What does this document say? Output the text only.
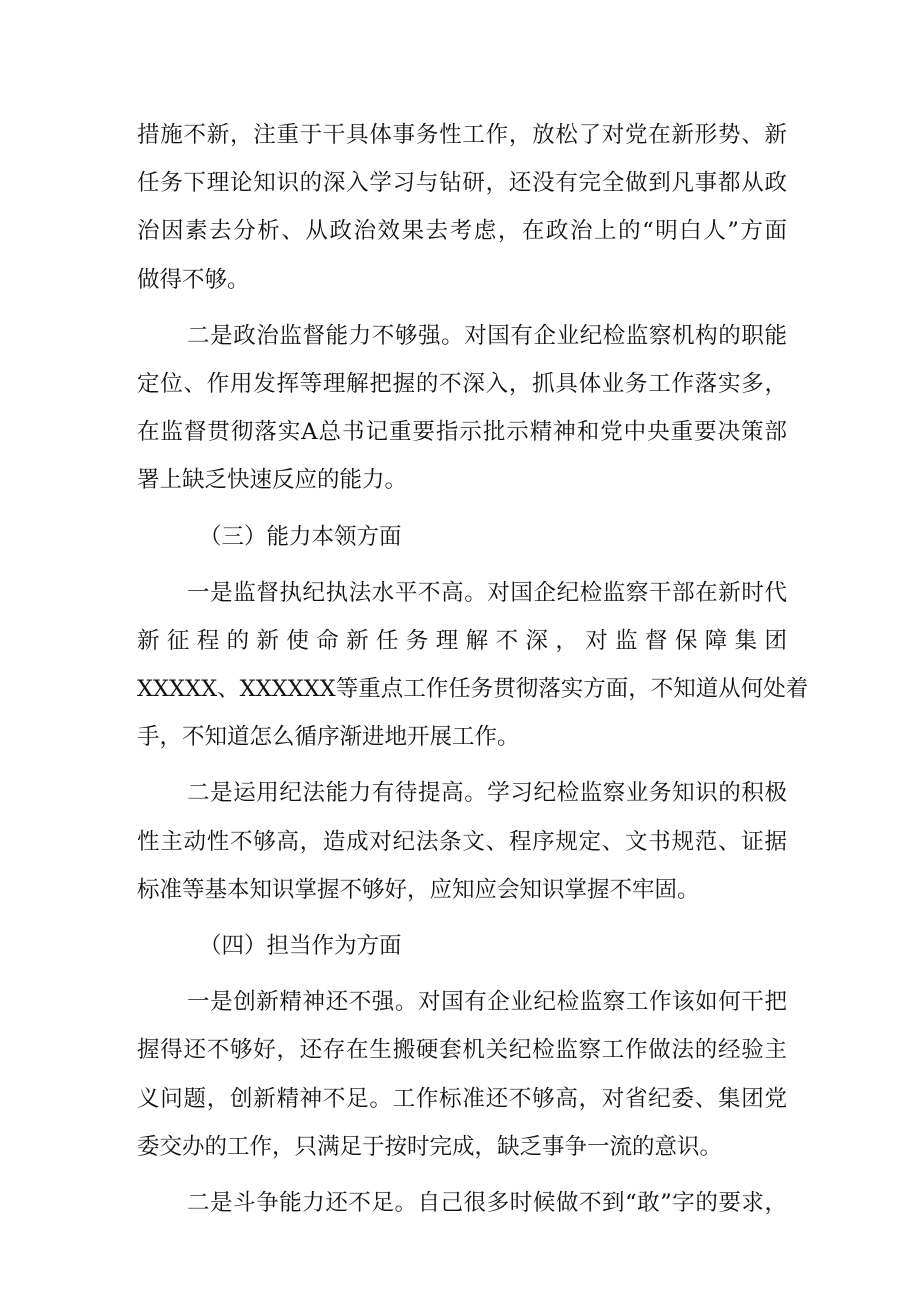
措施不新，注重于干具体事务性工作，放松了对党在新形势、新
任务下理论知识的深入学习与钻研，还没有完全做到凡事都从政
治因素去分析、从政治效果去考虑，在政治上的“明白人”方面
做得不够。
二是政治监督能力不够强。对国有企业纪检监察机构的职能
定位、作用发挥等理解把握的不深入，抓具体业务工作落实多，
在监督贯彻落实A总书记重要指示批示精神和党中央重要决策部
署上缺乏快速反应的能力。
（三）能力本领方面
一是监督执纪执法水平不高。对国企纪检监察干部在新时代
新征程的新使命新任务理解不深，对监督保障集团
XXXXX、XXXXXX等重点工作任务贯彻落实方面，不知道从何处着
手，不知道怎么循序渐进地开展工作。
二是运用纪法能力有待提高。学习纪检监察业务知识的积极
性主动性不够高，造成对纪法条文、程序规定、文书规范、证据
标准等基本知识掌握不够好，应知应会知识掌握不牢固。
（四）担当作为方面
一是创新精神还不强。对国有企业纪检监察工作该如何干把
握得还不够好，还存在生搬硬套机关纪检监察工作做法的经验主
义问题，创新精神不足。工作标准还不够高，对省纪委、集团党
委交办的工作，只满足于按时完成，缺乏事争一流的意识。
二是斗争能力还不足。自己很多时候做不到“敢”字的要求，
